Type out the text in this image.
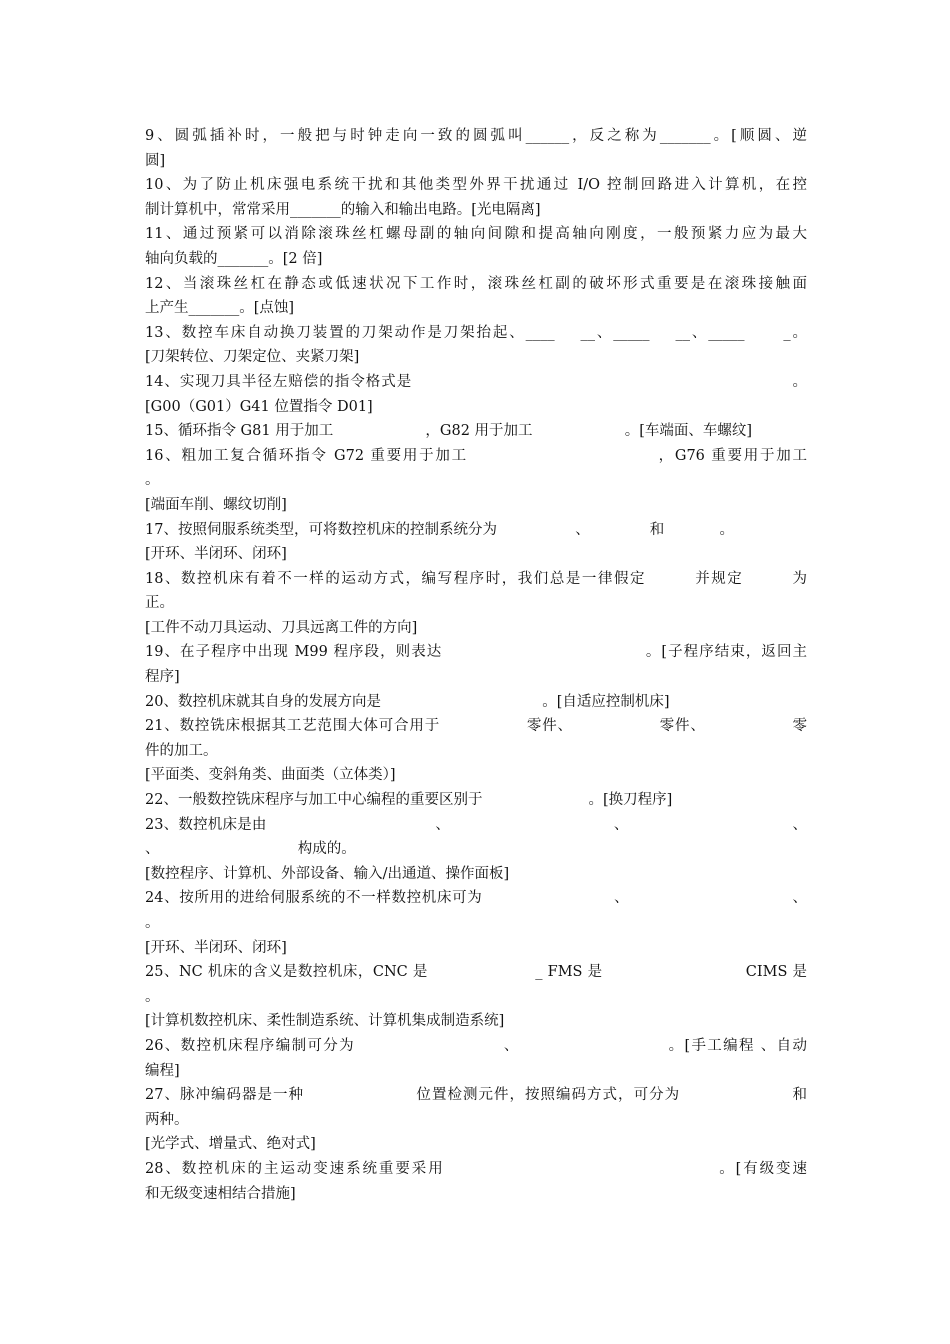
9、圆弧插补时，一般把与时钟走向一致的圆弧叫______，反之称为_______。[顺圆、逆
圆]
10、为了防止机床强电系统干扰和其他类型外界干扰通过 I/O 控制回路进入计算机，在控
制计算机中，常常采用_______的输入和输出电路。[光电隔离]
11、通过预紧可以消除滚珠丝杠螺母副的轴向间隙和提高轴向刚度，一般预紧力应为最大
轴向负载的_______。[2 倍]
12、当滚珠丝杠在静态或低速状况下工作时，滚珠丝杠副的破坏形式重要是在滚珠接触面
上产生_______。[点蚀]
13、数控车床自动换刀装置的刀架动作是刀架抬起、____    __、_____    __、_____      _。
[刀架转位、刀架定位、夹紧刀架]
14、实现刀具半径左赔偿的指令格式是                                                                    。
[G00（G01）G41 位置指令 D01]
15、循环指令 G81 用于加工                    ，G82 用于加工                    。[车端面、车螺纹]
16、粗加工复合循环指令 G72 重要用于加工                              ，G76 重要用于加工
。
[端面车削、螺纹切削]
17、按照伺服系统类型，可将数控机床的控制系统分为                 、             和            。
[开环、半闭环、闭环]
18、数控机床有着不一样的运动方式，编写程序时，我们总是一律假定        并规定        为
正。
[工件不动刀具运动、刀具远离工件的方向]
19、在子程序中出现 M99 程序段，则表达                                    。[子程序结束，返回主
程序]
20、数控机床就其自身的发展方向是                                   。[自适应控制机床]
21、数控铣床根据其工艺范围大体可合用于                零件、                零件、                零
件的加工。
[平面类、变斜角类、曲面类（立体类）]
22、一般数控铣床程序与加工中心编程的重要区别于                       。[换刀程序]
23、数控机床是由                                   、                                  、                                  、
、                              构成的。
[数控程序、计算机、外部设备、输入/出通道、操作面板]
24、按所用的进给伺服系统的不一样数控机床可为                         、                               、
。
[开环、半闭环、闭环]
25、NC 机床的含义是数控机床，CNC 是                     _ FMS 是                            CIMS 是
。
[计算机数控机床、柔性制造系统、计算机集成制造系统]
26、数控机床程序编制可分为                         、                         。[手工编程 、自动
编程]
27、脉冲编码器是一种                    位置检测元件，按照编码方式，可分为                    和
两种。
[光学式、增量式、绝对式]
28、数控机床的主运动变速系统重要采用                                          。[有级变速
和无级变速相结合措施]
